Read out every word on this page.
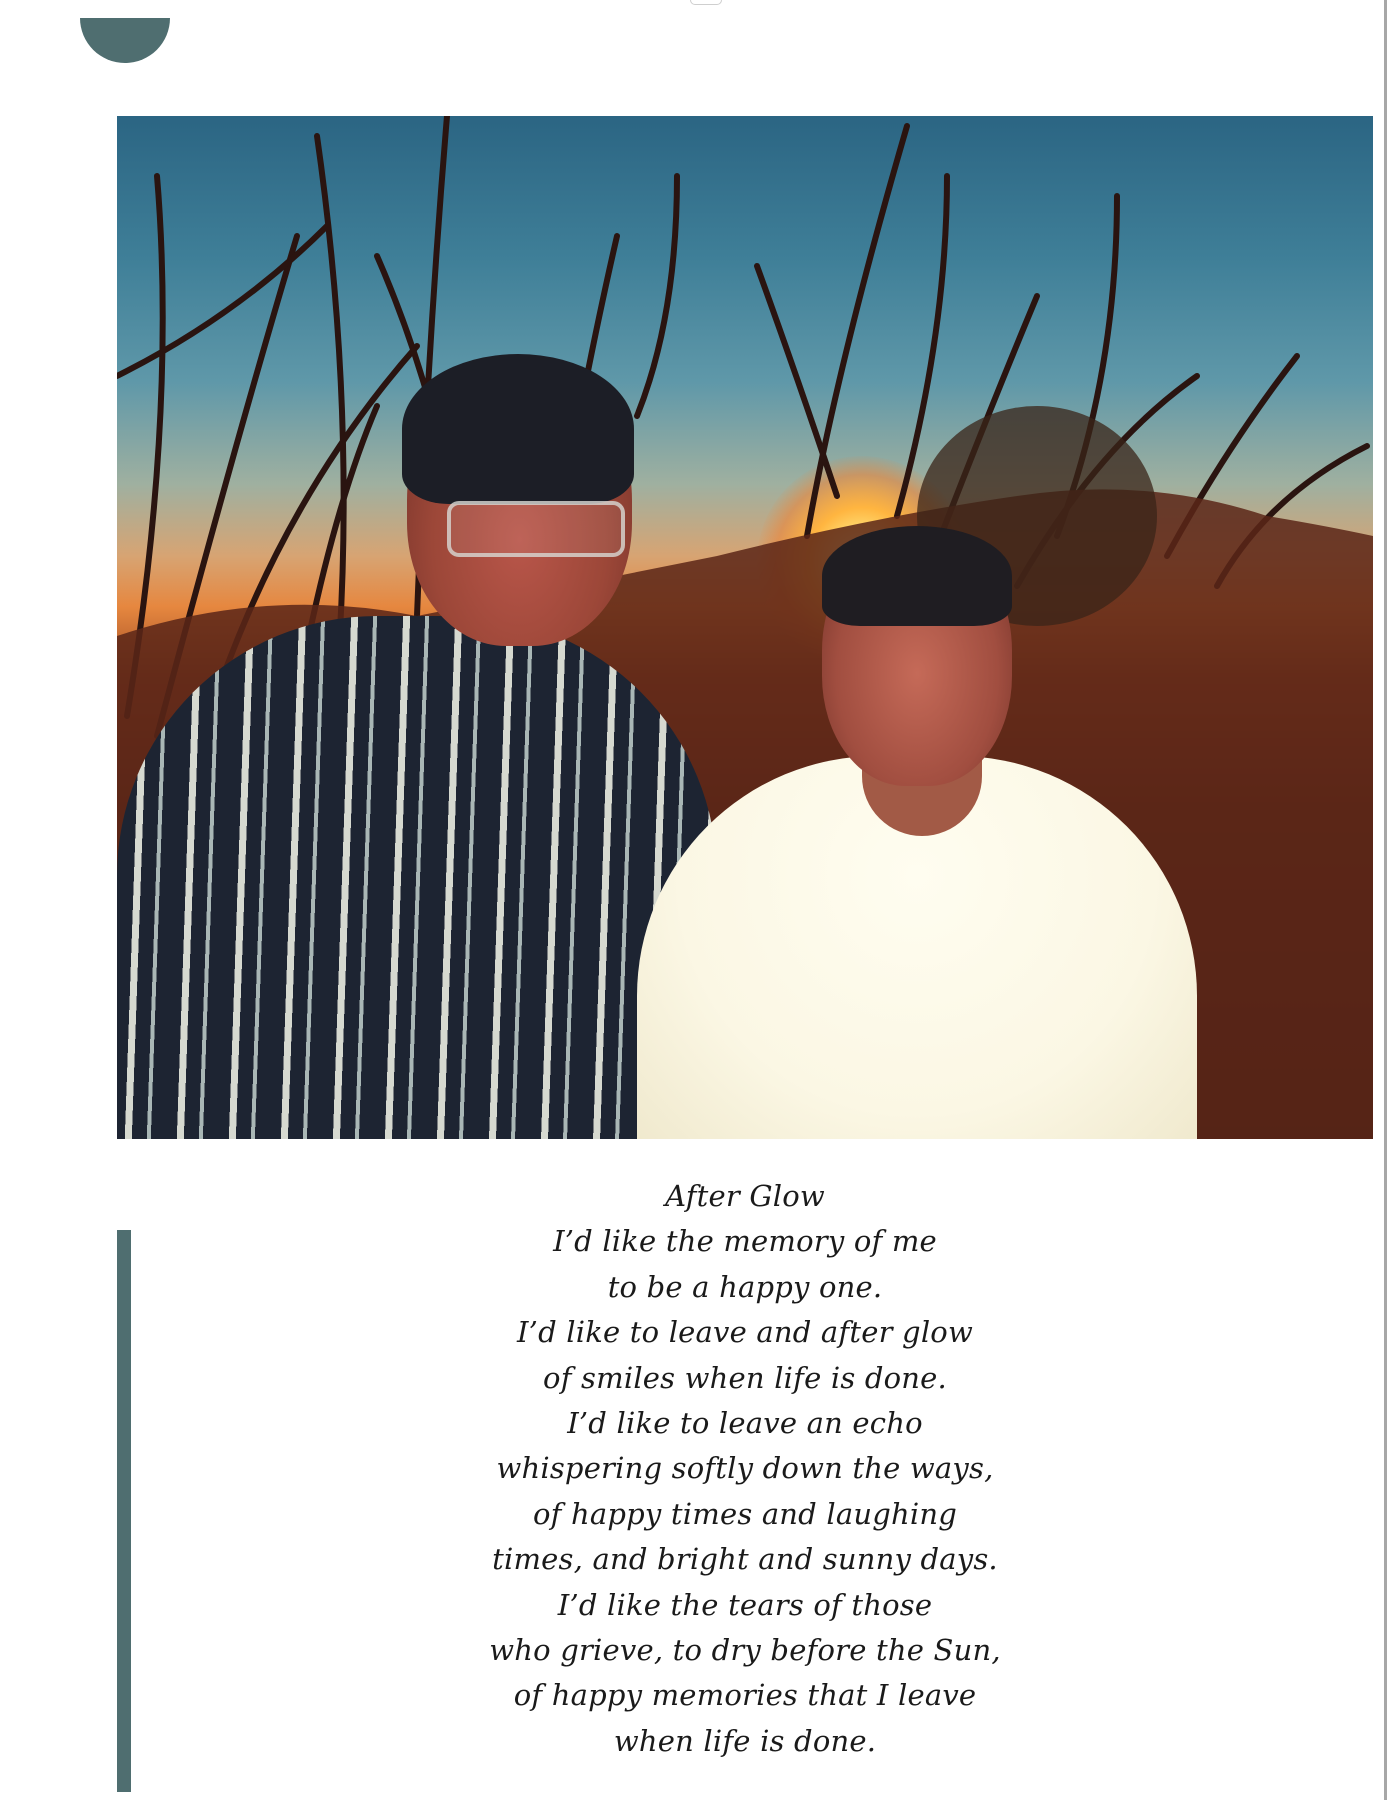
After Glow
I’d like the memory of me
to be a happy one.
I’d like to leave and after glow
of smiles when life is done.
I’d like to leave an echo
whispering softly down the ways,
of happy times and laughing
times, and bright and sunny days.
I’d like the tears of those
who grieve, to dry before the Sun,
of happy memories that I leave
when life is done.
